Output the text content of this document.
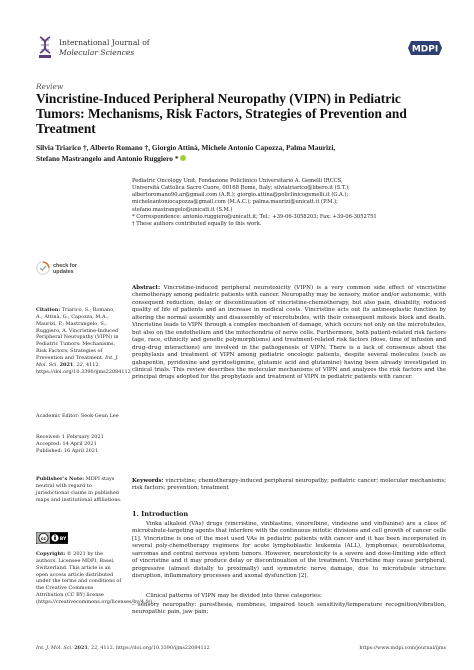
International Journal of
Molecular Sciences	MDPI
Review
Vincristine-Induced Peripheral Neuropathy (VIPN) in Pediatric Tumors: Mechanisms, Risk Factors, Strategies of Prevention and Treatment
Silvia Triarico †, Alberto Romano †, Giorgio Attinà, Michele Antonio Capozza, Palma Maurizi,
Stefano Mastrangelo and Antonio Ruggiero *
Pediatric Oncology Unit, Fondazione Policlinico Universitario A. Gemelli IRCCS,
Università Cattolica Sacro Cuore, 00168 Rome, Italy; silviatriarico@libero.it (S.T.);
albertoromano90.ar@gmail.com (A.R.); giorgio.attina@policlinicogemelli.it (G.A.);
micheleantoniocapozza@gmail.com (M.A.C.); palma.maurizi@unicatt.it (P.M.);
stefano.mastrangelo@unicatt.it (S.M.)
* Correspondence: antonio.ruggiero@unicatt.it; Tel.: +39-06-3058203; Fax: +39-06-3052751
† These authors contributed equally to this work.
check for
updates
Citation: Triarico, S.; Romano, A.; Attinà, G.; Capozza, M.A.; Maurizi, P.; Mastrangelo, S.; Ruggiero, A. Vincristine-Induced Peripheral Neuropathy (VIPN) in Pediatric Tumors: Mechanisms, Risk Factors, Strategies of Prevention and Treatment. Int. J. Mol. Sci. 2021, 22, 4112. https://doi.org/10.3390/ijms22084112
Academic Editor: Seok-Geun Lee
Received: 1 February 2021
Accepted: 14 April 2021
Published: 16 April 2021
Publisher’s Note: MDPI stays neutral with regard to jurisdictional claims in published maps and institutional affiliations.
cc	BY
Copyright: © 2021 by the authors. Licensee MDPI, Basel, Switzerland. This article is an open access article distributed under the terms and conditions of the Creative Commons Attribution (CC BY) license (https://creativecommons.org/licenses/by/4.0/).
Abstract: Vincristine-induced peripheral neurotoxicity (VIPN) is a very common side effect of vincristine chemotherapy among pediatric patients with cancer. Neuropathy may be sensory, motor and/or autonomic, with consequent reduction, delay or discontinuation of vincristine-chemotherapy, but also pain, disability, reduced quality of life of patients and an increase in medical costs. Vincristine acts out its antineoplastic function by altering the normal assembly and disassembly of microtubules, with their consequent mitosis block and death. Vincristine leads to VIPN through a complex mechanism of damage, which occurs not only on the microtubules, but also on the endothelium and the mitochondria of nerve cells. Furthermore, both patient-related risk factors (age, race, ethnicity and genetic polymorphisms) and treatment-related risk factors (dose, time of infusion and drug–drug interactions) are involved in the pathogenesis of VIPN. There is a lack of consensus about the prophylaxis and treatment of VIPN among pediatric oncologic patients, despite several molecules (such as gabapentin, pyridoxine and pyridostigmine, glutamic acid and glutamine) having been already investigated in clinical trials. This review describes the molecular mechanisms of VIPN and analyzes the risk factors and the principal drugs adopted for the prophylaxis and treatment of VIPN in pediatric patients with cancer.
Keywords: vincristine; chemotherapy-induced peripheral neuropathy; pediatric cancer; molecular mechanisms; risk factors; prevention; treatment
1. Introduction
Vinka alkaloid (VAs) drugs (vincristine, vinblastine, vinorelbine, vindesine and vinflunine) are a class of microtubule-targeting agents that interfere with the continuous mitotic divisions and cell growth of cancer cells [1]. Vincristine is one of the most used VAs in pediatric patients with cancer and it has been incorporated in several poly-chemotherapy regimens for acute lymphoblastic leukemia (ALL), lymphomas, neuroblastoma, sarcomas and central nervous system tumors. However, neurotoxicity is a severe and dose-limiting side effect of vincristine and it may produce delay or discontinuation of the treatment. Vincristine may cause peripheral, progressive (almost distally to proximally) and symmetric nerve damage, due to microtubule structure disruption, inflammatory processes and axonal dysfunction [2].
Clinical patterns of VIPN may be divided into three categories:
– sensory neuropathy: paresthesia, numbness, impaired touch sensitivity/temperature recognition/vibration, neuropathic pain, jaw pain;
Int. J. Mol. Sci. 2021, 22, 4112. https://doi.org/10.3390/ijms22084112	https://www.mdpi.com/journal/ijms
